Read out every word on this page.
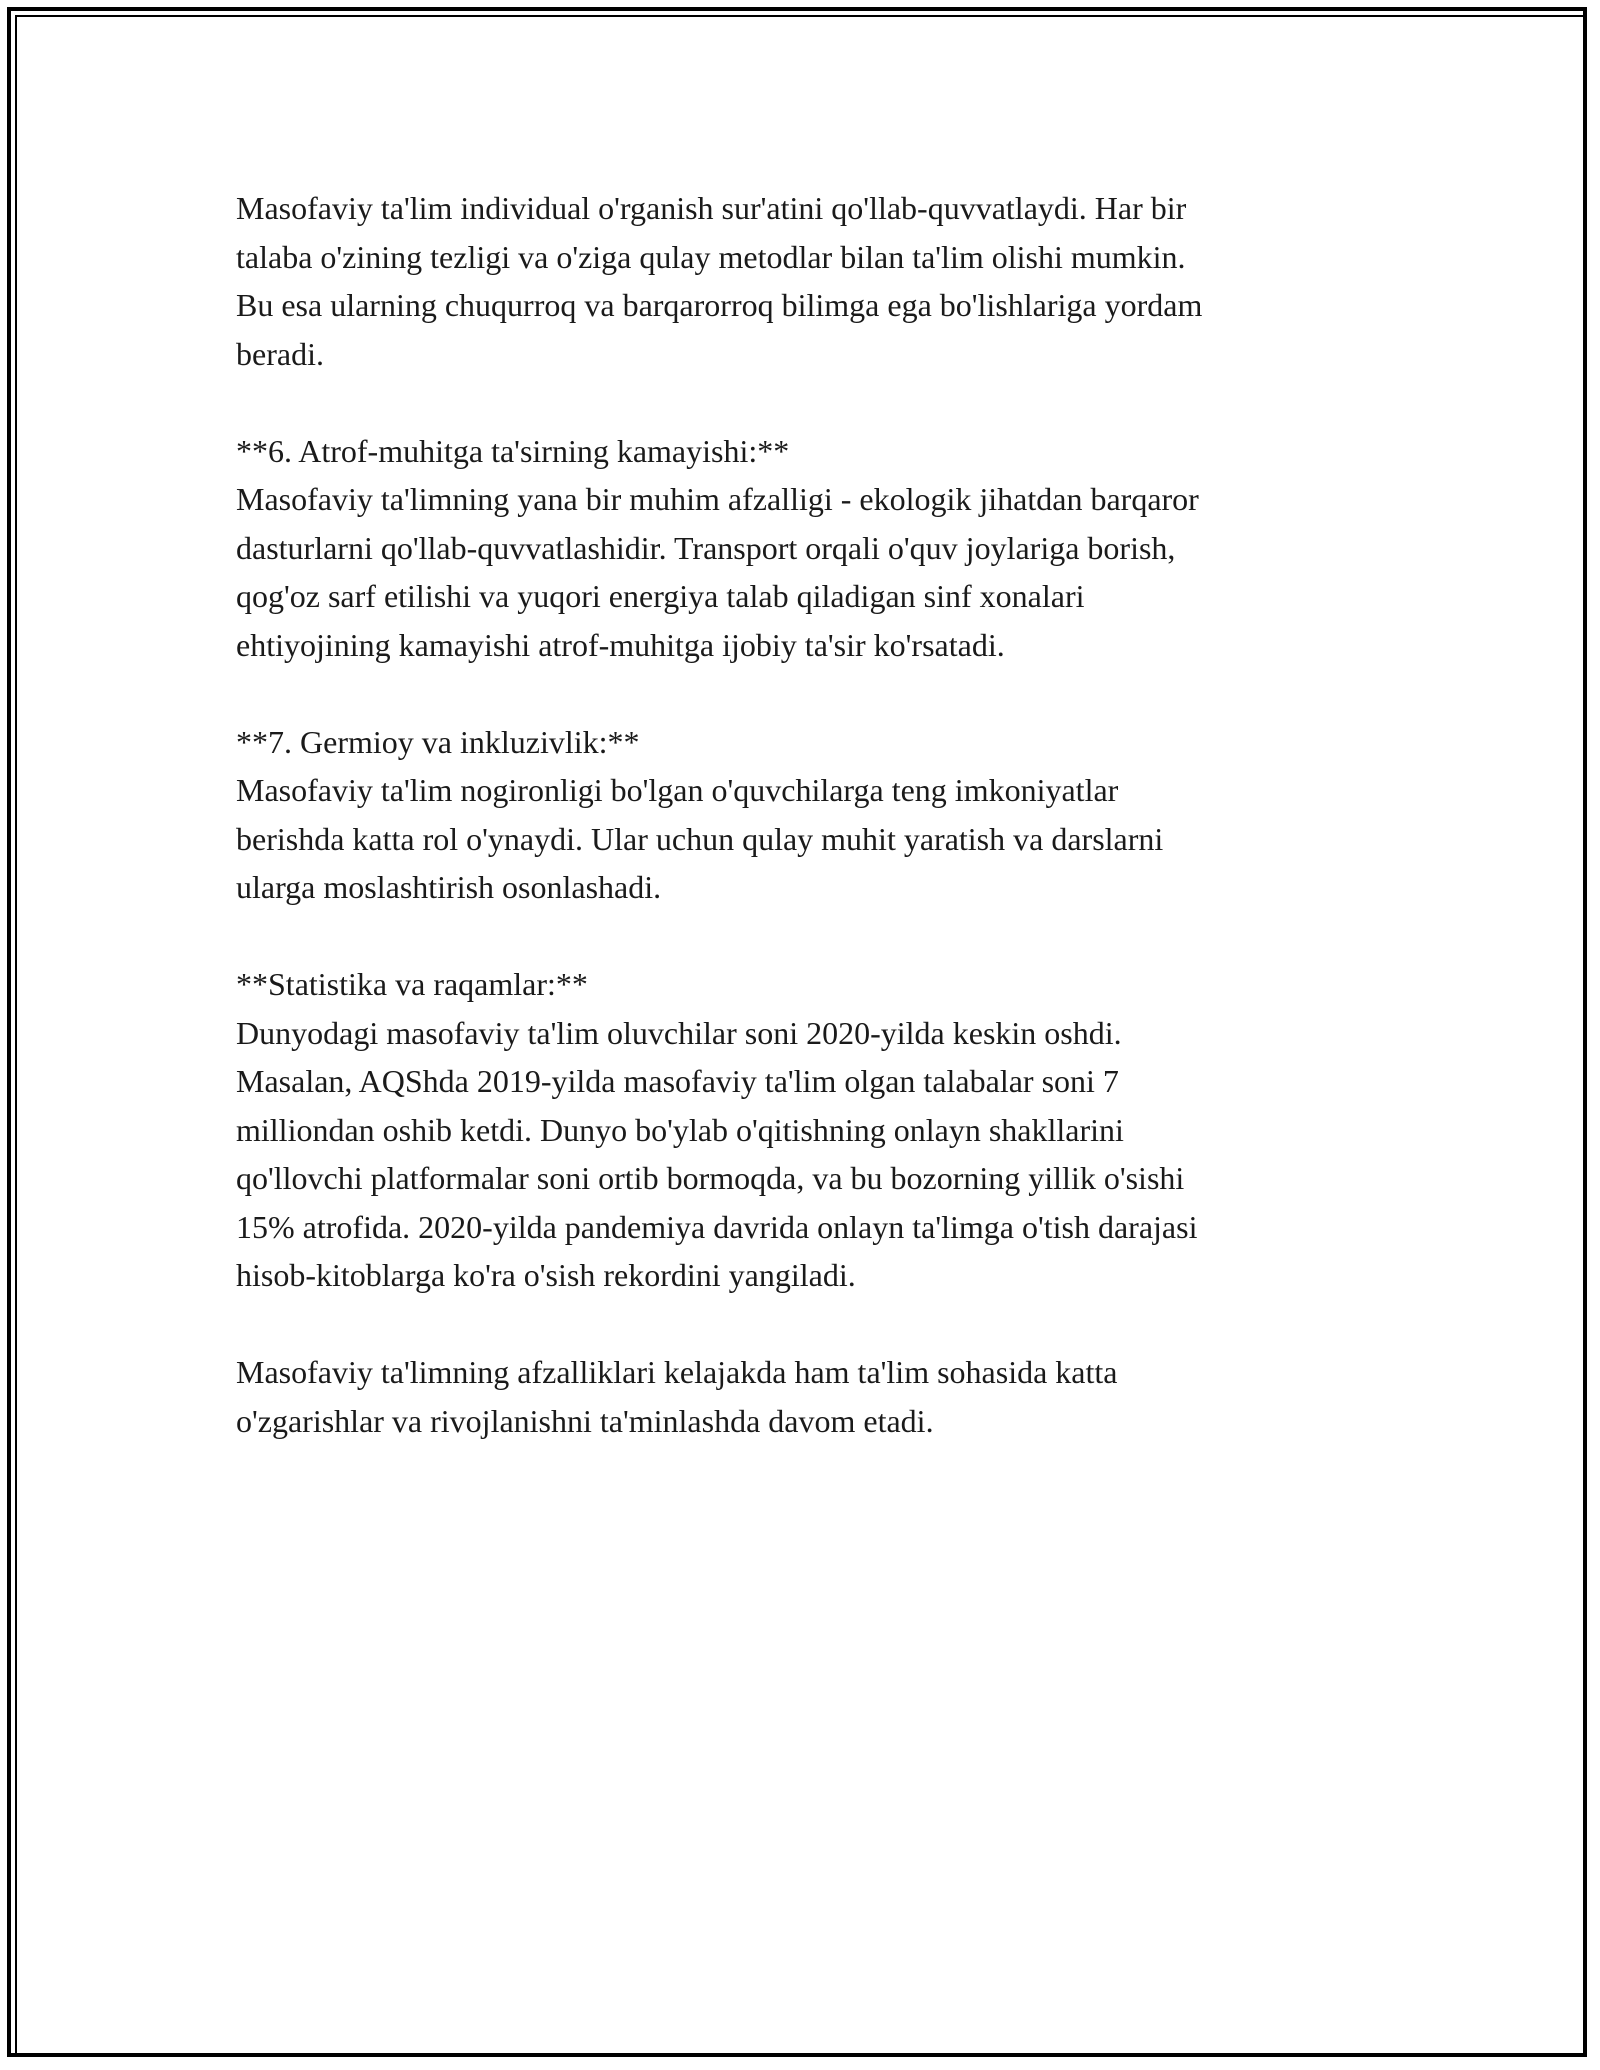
Masofaviy ta'lim individual o'rganish sur'atini qo'llab-quvvatlaydi. Har bir
talaba o'zining tezligi va o'ziga qulay metodlar bilan ta'lim olishi mumkin.
Bu esa ularning chuqurroq va barqarorroq bilimga ega bo'lishlariga yordam
beradi.
**6. Atrof-muhitga ta'sirning kamayishi:**
Masofaviy ta'limning yana bir muhim afzalligi - ekologik jihatdan barqaror
dasturlarni qo'llab-quvvatlashidir. Transport orqali o'quv joylariga borish,
qog'oz sarf etilishi va yuqori energiya talab qiladigan sinf xonalari
ehtiyojining kamayishi atrof-muhitga ijobiy ta'sir ko'rsatadi.
**7. Germioy va inkluzivlik:**
Masofaviy ta'lim nogironligi bo'lgan o'quvchilarga teng imkoniyatlar
berishda katta rol o'ynaydi. Ular uchun qulay muhit yaratish va darslarni
ularga moslashtirish osonlashadi.
**Statistika va raqamlar:**
Dunyodagi masofaviy ta'lim oluvchilar soni 2020-yilda keskin oshdi.
Masalan, AQShda 2019-yilda masofaviy ta'lim olgan talabalar soni 7
milliondan oshib ketdi. Dunyo bo'ylab o'qitishning onlayn shakllarini
qo'llovchi platformalar soni ortib bormoqda, va bu bozorning yillik o'sishi
15% atrofida. 2020-yilda pandemiya davrida onlayn ta'limga o'tish darajasi
hisob-kitoblarga ko'ra o'sish rekordini yangiladi.
Masofaviy ta'limning afzalliklari kelajakda ham ta'lim sohasida katta
o'zgarishlar va rivojlanishni ta'minlashda davom etadi.
